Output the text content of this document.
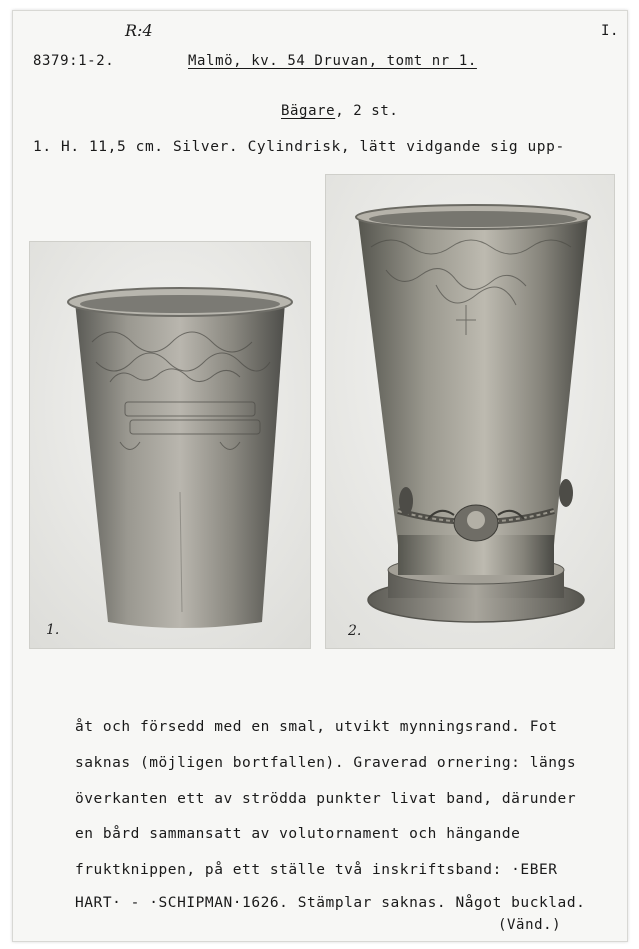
R:4
8379:1-2.	Malmö, kv. 54 Druvan, tomt nr 1.
I.
Bägare, 2 st.
1. H. 11,5 cm. Silver. Cylindrisk, lätt vidgande sig upp-
1.	2.
åt och försedd med en smal, utvikt mynningsrand. Fot
saknas (möjligen bortfallen). Graverad ornering: längs
överkanten ett av strödda punkter livat band, därunder
en bård sammansatt av volutornament och hängande
fruktknippen, på ett ställe två inskriftsband: ·EBER
HART· - ·SCHIPMAN·1626. Stämplar saknas. Något bucklad.
(Vänd.)
